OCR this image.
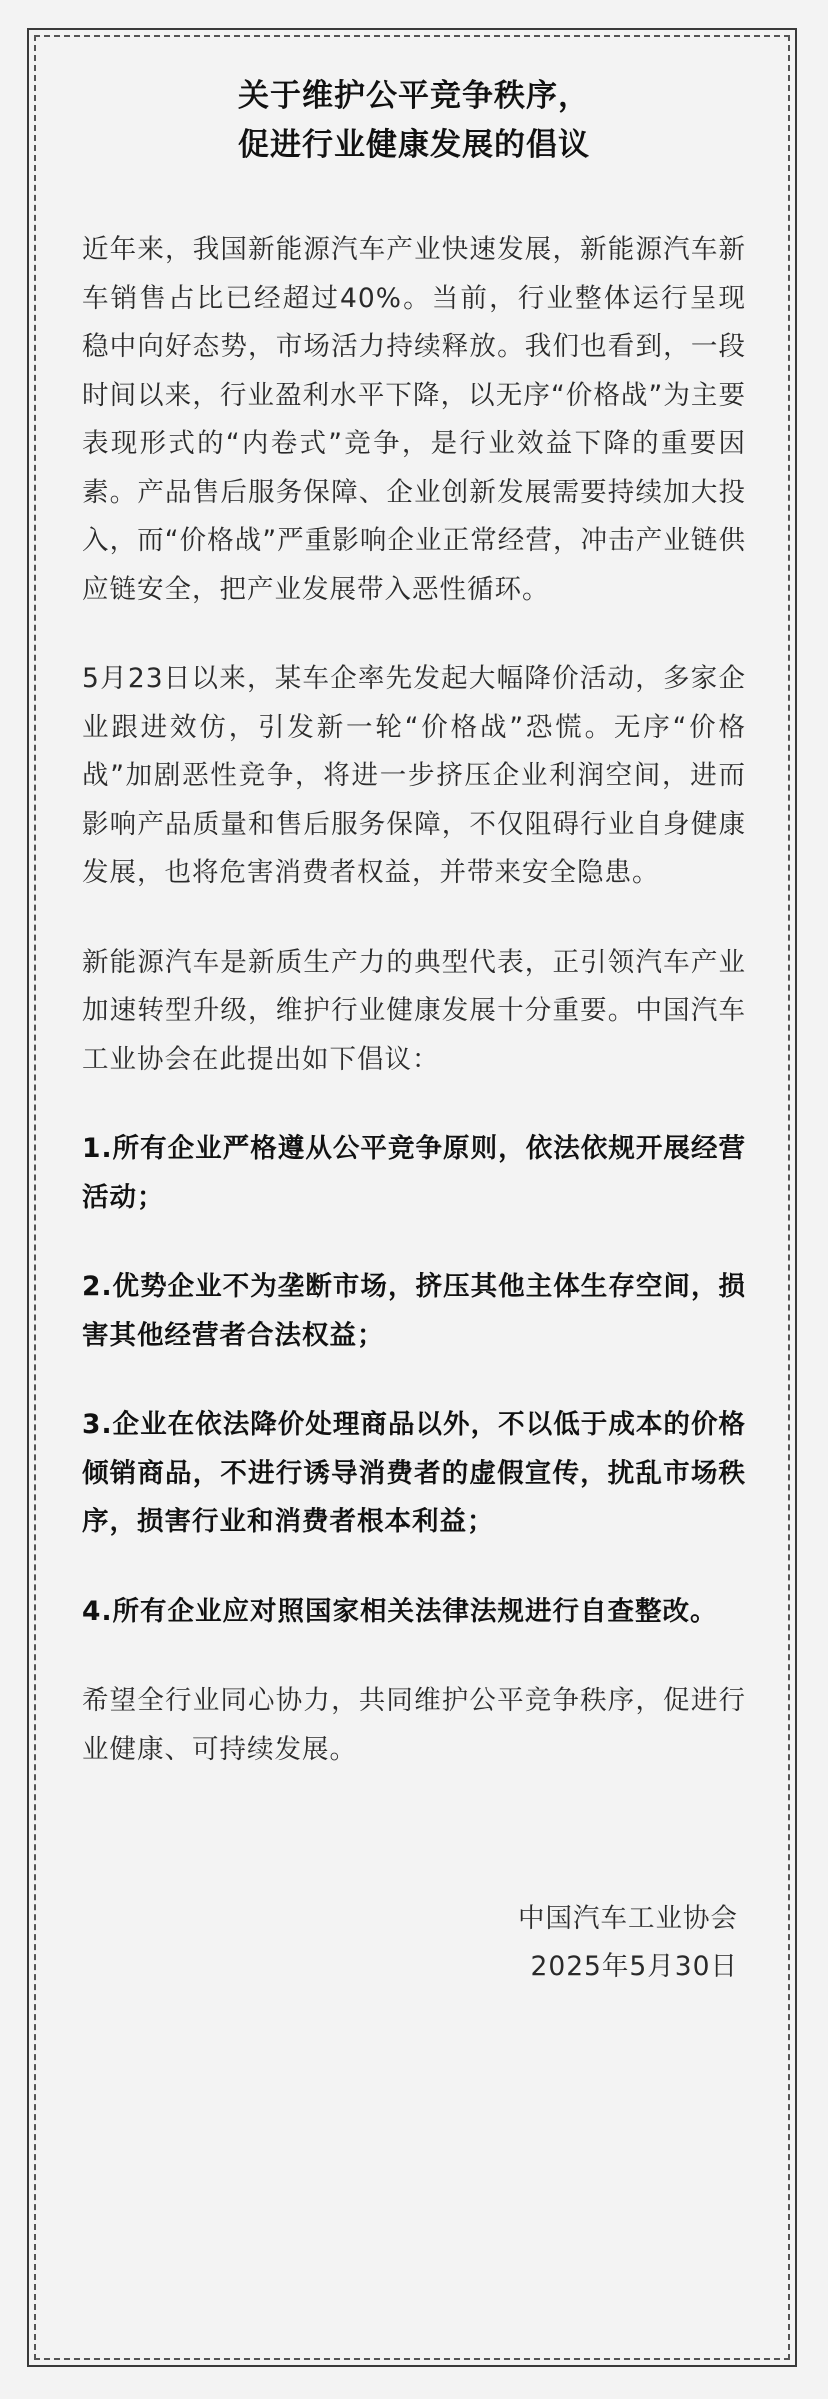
关于维护公平竞争秩序，
促进行业健康发展的倡议

近年来，我国新能源汽车产业快速发展，新能源汽车新车销售占比已经超过40%。当前，行业整体运行呈现稳中向好态势，市场活力持续释放。我们也看到，一段时间以来，行业盈利水平下降，以无序“价格战”为主要表现形式的“内卷式”竞争，是行业效益下降的重要因素。产品售后服务保障、企业创新发展需要持续加大投入，而“价格战”严重影响企业正常经营，冲击产业链供应链安全，把产业发展带入恶性循环。

5月23日以来，某车企率先发起大幅降价活动，多家企业跟进效仿，引发新一轮“价格战”恐慌。无序“价格战”加剧恶性竞争，将进一步挤压企业利润空间，进而影响产品质量和售后服务保障，不仅阻碍行业自身健康发展，也将危害消费者权益，并带来安全隐患。

新能源汽车是新质生产力的典型代表，正引领汽车产业加速转型升级，维护行业健康发展十分重要。中国汽车工业协会在此提出如下倡议：

1.所有企业严格遵从公平竞争原则，依法依规开展经营活动；

2.优势企业不为垄断市场，挤压其他主体生存空间，损害其他经营者合法权益；

3.企业在依法降价处理商品以外，不以低于成本的价格倾销商品，不进行诱导消费者的虚假宣传，扰乱市场秩序，损害行业和消费者根本利益；

4.所有企业应对照国家相关法律法规进行自查整改。

希望全行业同心协力，共同维护公平竞争秩序，促进行业健康、可持续发展。

中国汽车工业协会
2025年5月30日
